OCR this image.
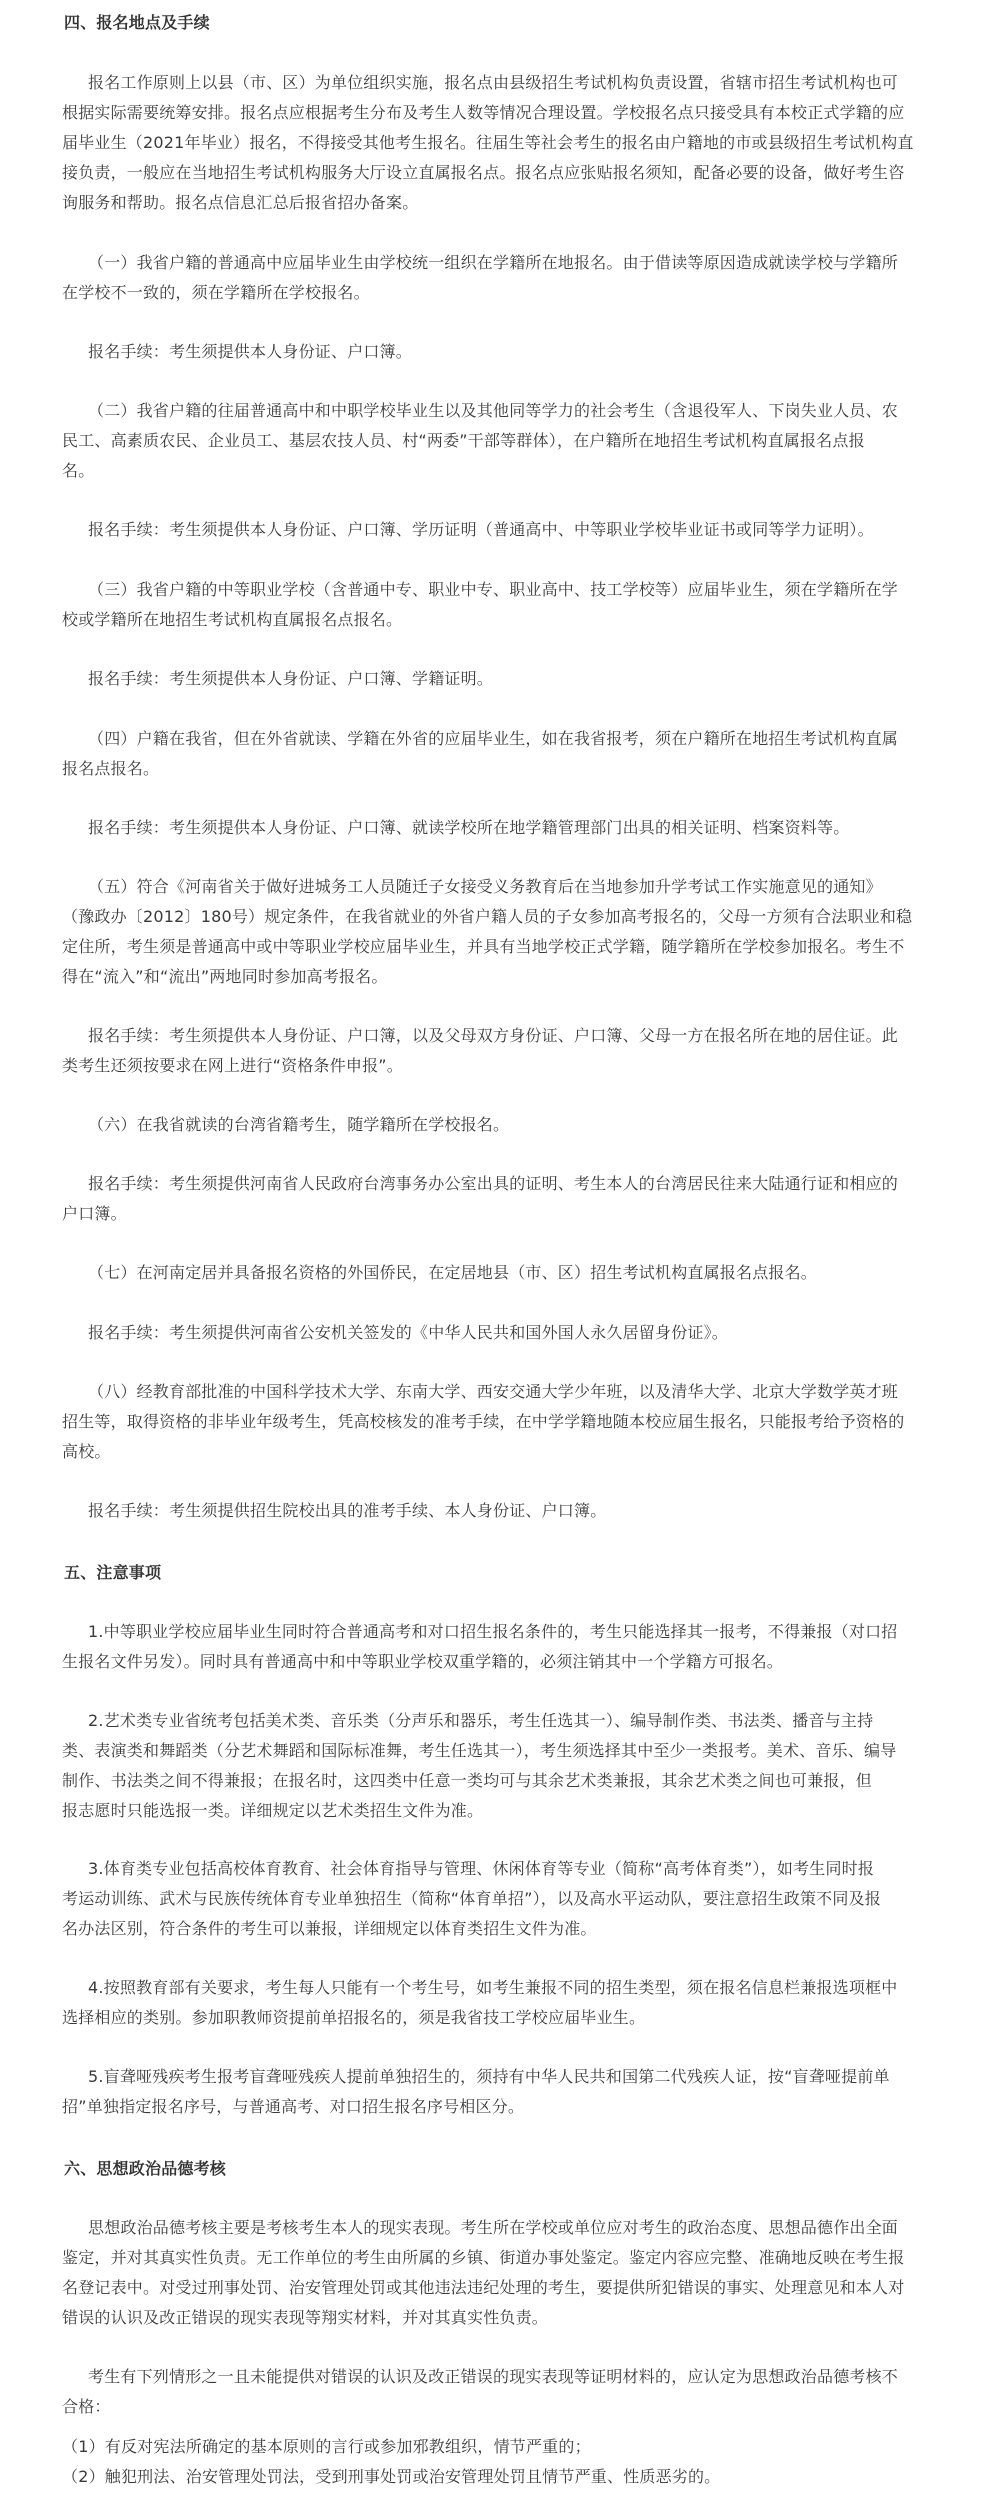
四、报名地点及手续

报名工作原则上以县（市、区）为单位组织实施，报名点由县级招生考试机构负责设置，省辖市招生考试机构也可

根据实际需要统筹安排。报名点应根据考生分布及考生人数等情况合理设置。学校报名点只接受具有本校正式学籍的应

届毕业生（2021年毕业）报名，不得接受其他考生报名。往届生等社会考生的报名由户籍地的市或县级招生考试机构直

接负责，一般应在当地招生考试机构服务大厅设立直属报名点。报名点应张贴报名须知，配备必要的设备，做好考生咨

询服务和帮助。报名点信息汇总后报省招办备案。

（一）我省户籍的普通高中应届毕业生由学校统一组织在学籍所在地报名。由于借读等原因造成就读学校与学籍所

在学校不一致的，须在学籍所在学校报名。

报名手续：考生须提供本人身份证、户口簿。

（二）我省户籍的往届普通高中和中职学校毕业生以及其他同等学力的社会考生（含退役军人、下岗失业人员、农

民工、高素质农民、企业员工、基层农技人员、村“两委”干部等群体），在户籍所在地招生考试机构直属报名点报

名。

报名手续：考生须提供本人身份证、户口簿、学历证明（普通高中、中等职业学校毕业证书或同等学力证明）。

（三）我省户籍的中等职业学校（含普通中专、职业中专、职业高中、技工学校等）应届毕业生，须在学籍所在学

校或学籍所在地招生考试机构直属报名点报名。

报名手续：考生须提供本人身份证、户口簿、学籍证明。

（四）户籍在我省，但在外省就读、学籍在外省的应届毕业生，如在我省报考，须在户籍所在地招生考试机构直属

报名点报名。

报名手续：考生须提供本人身份证、户口簿、就读学校所在地学籍管理部门出具的相关证明、档案资料等。

（五）符合《河南省关于做好进城务工人员随迁子女接受义务教育后在当地参加升学考试工作实施意见的通知》

（豫政办〔2012〕180号）规定条件，在我省就业的外省户籍人员的子女参加高考报名的，父母一方须有合法职业和稳

定住所，考生须是普通高中或中等职业学校应届毕业生，并具有当地学校正式学籍，随学籍所在学校参加报名。考生不

得在“流入”和“流出”两地同时参加高考报名。

报名手续：考生须提供本人身份证、户口簿，以及父母双方身份证、户口簿、父母一方在报名所在地的居住证。此

类考生还须按要求在网上进行“资格条件申报”。

（六）在我省就读的台湾省籍考生，随学籍所在学校报名。

报名手续：考生须提供河南省人民政府台湾事务办公室出具的证明、考生本人的台湾居民往来大陆通行证和相应的

户口簿。

（七）在河南定居并具备报名资格的外国侨民，在定居地县（市、区）招生考试机构直属报名点报名。

报名手续：考生须提供河南省公安机关签发的《中华人民共和国外国人永久居留身份证》。

（八）经教育部批准的中国科学技术大学、东南大学、西安交通大学少年班，以及清华大学、北京大学数学英才班

招生等，取得资格的非毕业年级考生，凭高校核发的准考手续，在中学学籍地随本校应届生报名，只能报考给予资格的

高校。

报名手续：考生须提供招生院校出具的准考手续、本人身份证、户口簿。

五、注意事项

1.中等职业学校应届毕业生同时符合普通高考和对口招生报名条件的，考生只能选择其一报考，不得兼报（对口招

生报名文件另发）。同时具有普通高中和中等职业学校双重学籍的，必须注销其中一个学籍方可报名。

2.艺术类专业省统考包括美术类、音乐类（分声乐和器乐，考生任选其一）、编导制作类、书法类、播音与主持

类、表演类和舞蹈类（分艺术舞蹈和国际标准舞，考生任选其一），考生须选择其中至少一类报考。美术、音乐、编导

制作、书法类之间不得兼报；在报名时，这四类中任意一类均可与其余艺术类兼报，其余艺术类之间也可兼报，但

报志愿时只能选报一类。详细规定以艺术类招生文件为准。

3.体育类专业包括高校体育教育、社会体育指导与管理、休闲体育等专业（简称“高考体育类”），如考生同时报

考运动训练、武术与民族传统体育专业单独招生（简称“体育单招”），以及高水平运动队，要注意招生政策不同及报

名办法区别，符合条件的考生可以兼报，详细规定以体育类招生文件为准。

4.按照教育部有关要求，考生每人只能有一个考生号，如考生兼报不同的招生类型，须在报名信息栏兼报选项框中

选择相应的类别。参加职教师资提前单招报名的，须是我省技工学校应届毕业生。

5.盲聋哑残疾考生报考盲聋哑残疾人提前单独招生的，须持有中华人民共和国第二代残疾人证，按“盲聋哑提前单

招”单独指定报名序号，与普通高考、对口招生报名序号相区分。

六、思想政治品德考核

思想政治品德考核主要是考核考生本人的现实表现。考生所在学校或单位应对考生的政治态度、思想品德作出全面

鉴定，并对其真实性负责。无工作单位的考生由所属的乡镇、街道办事处鉴定。鉴定内容应完整、准确地反映在考生报

名登记表中。对受过刑事处罚、治安管理处罚或其他违法违纪处理的考生，要提供所犯错误的事实、处理意见和本人对

错误的认识及改正错误的现实表现等翔实材料，并对其真实性负责。

考生有下列情形之一且未能提供对错误的认识及改正错误的现实表现等证明材料的，应认定为思想政治品德考核不

合格：

（1）有反对宪法所确定的基本原则的言行或参加邪教组织，情节严重的；

（2）触犯刑法、治安管理处罚法，受到刑事处罚或治安管理处罚且情节严重、性质恶劣的。
